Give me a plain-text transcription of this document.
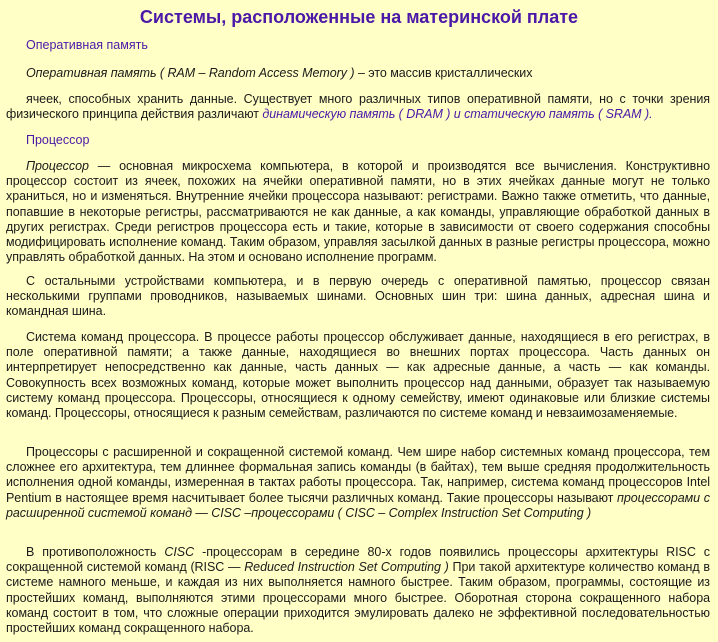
Системы, расположенные на материнской плате
Оперативная память

Оперативная память ( RAM – Random Access Memory ) – это массив кристаллических

ячеек, способных хранить данные. Существует много различных типов оперативной памяти, но с точки зрения физического принципа действия различают динамическую память ( DRAM ) и статическую память ( SRAM ).

Процессор

Процессор — основная микросхема компьютера, в которой и производятся все вычисления. Конструктивно процессор состоит из ячеек, похожих на ячейки оперативной памяти, но в этих ячейках данные могут не только храниться, но и изменяться. Внутренние ячейки процессора называют: регистрами. Важно также отметить, что данные, попавшие в некоторые регистры, рассматриваются не как данные, а как команды, управляющие обработкой данных в других регистрах. Среди регистров процессора есть и такие, которые в зависимости от своего содержания способны модифицировать исполнение команд. Таким образом, управляя засылкой данных в разные регистры процессора, можно управлять обработкой данных. На этом и основано исполнение программ.

С остальными устройствами компьютера, и в первую очередь с оперативной памятью, процессор связан несколькими группами проводников, называемых шинами. Основных шин три: шина данных, адресная шина и командная шина.

Система команд процессора. В процессе работы процессор обслуживает данные, находящиеся в его регистрах, в поле оперативной памяти; а также данные, находящиеся во внешних портах процессора. Часть данных он интерпретирует непосредственно как данные, часть данных — как адресные данные, а часть — как команды. Совокупность всех возможных команд, которые может выполнить процессор над данными, образует так называемую систему команд процессора. Процессоры, относящиеся к одному семейству, имеют одинаковые или близкие системы команд. Процессоры, относящиеся к разным семействам, различаются по системе команд и невзаимозаменяемые.

Процессоры с расширенной и сокращенной системой команд. Чем шире набор системных команд процессора, тем сложнее его архитектура, тем длиннее формальная запись команды (в байтах), тем выше средняя продолжительность исполнения одной команды, измеренная в тактах работы процессора. Так, например, система команд процессоров Intel Pentium в настоящее время насчитывает более тысячи различных команд. Такие процессоры называют процессорами с расширенной системой команд — CISC –процессорами ( CISC – Complex Instruction Set Computing )

В противоположность CISC -процессорам в середине 80-х годов появились процессоры архитектуры RISC с сокращенной системой команд (RISC — Reduced Instruction Set Computing ) При такой архитектуре количество команд в системе намного меньше, и каждая из них выполняется намного быстрее. Таким образом, программы, состоящие из простейших команд, выполняются этими процессорами много быстрее. Оборотная сторона сокращенного набора команд состоит в том, что сложные операции приходится эмулировать далеко не эффективной последовательностью простейших команд сокращенного набора.
